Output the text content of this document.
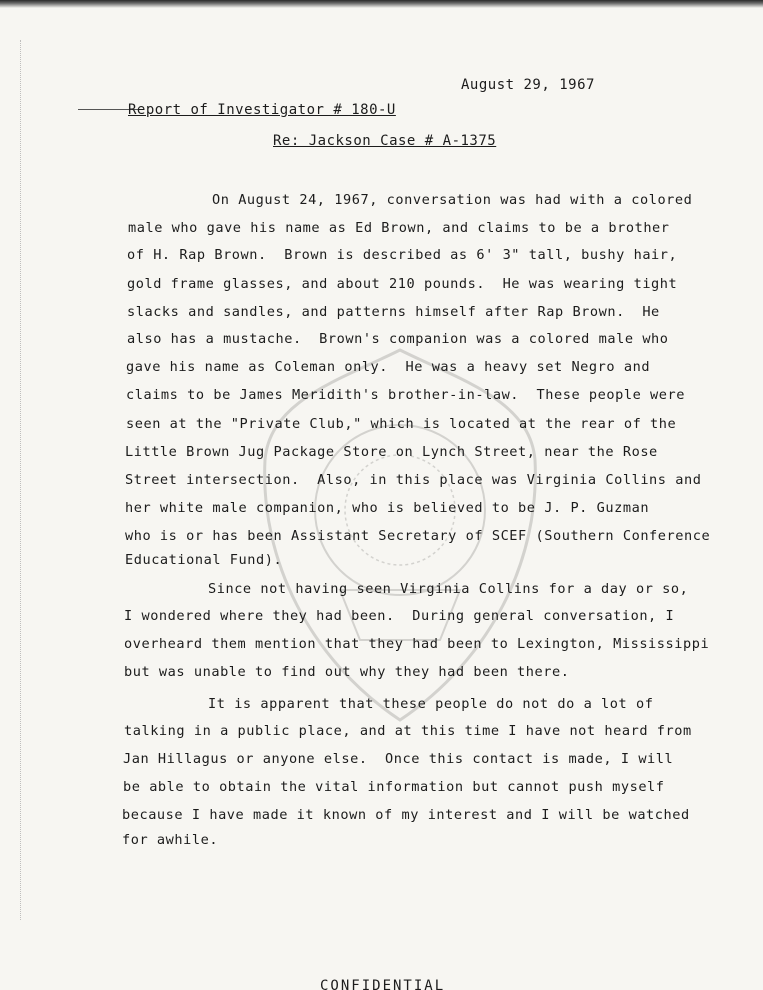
August 29, 1967
Report of Investigator # 180-U
Re: Jackson Case # A-1375
On August 24, 1967, conversation was had with a colored
male who gave his name as Ed Brown, and claims to be a brother
of H. Rap Brown.  Brown is described as 6' 3" tall, bushy hair,
gold frame glasses, and about 210 pounds.  He was wearing tight
slacks and sandles, and patterns himself after Rap Brown.  He
also has a mustache.  Brown's companion was a colored male who
gave his name as Coleman only.  He was a heavy set Negro and
claims to be James Meridith's brother-in-law.  These people were
seen at the "Private Club," which is located at the rear of the
Little Brown Jug Package Store on Lynch Street, near the Rose
Street intersection.  Also, in this place was Virginia Collins and
her white male companion, who is believed to be J. P. Guzman
who is or has been Assistant Secretary of SCEF (Southern Conference
Educational Fund).
Since not having seen Virginia Collins for a day or so,
I wondered where they had been.  During general conversation, I
overheard them mention that they had been to Lexington, Mississippi
but was unable to find out why they had been there.
It is apparent that these people do not do a lot of
talking in a public place, and at this time I have not heard from
Jan Hillagus or anyone else.  Once this contact is made, I will
be able to obtain the vital information but cannot push myself
because I have made it known of my interest and I will be watched
for awhile.
CONFIDENTIAL
